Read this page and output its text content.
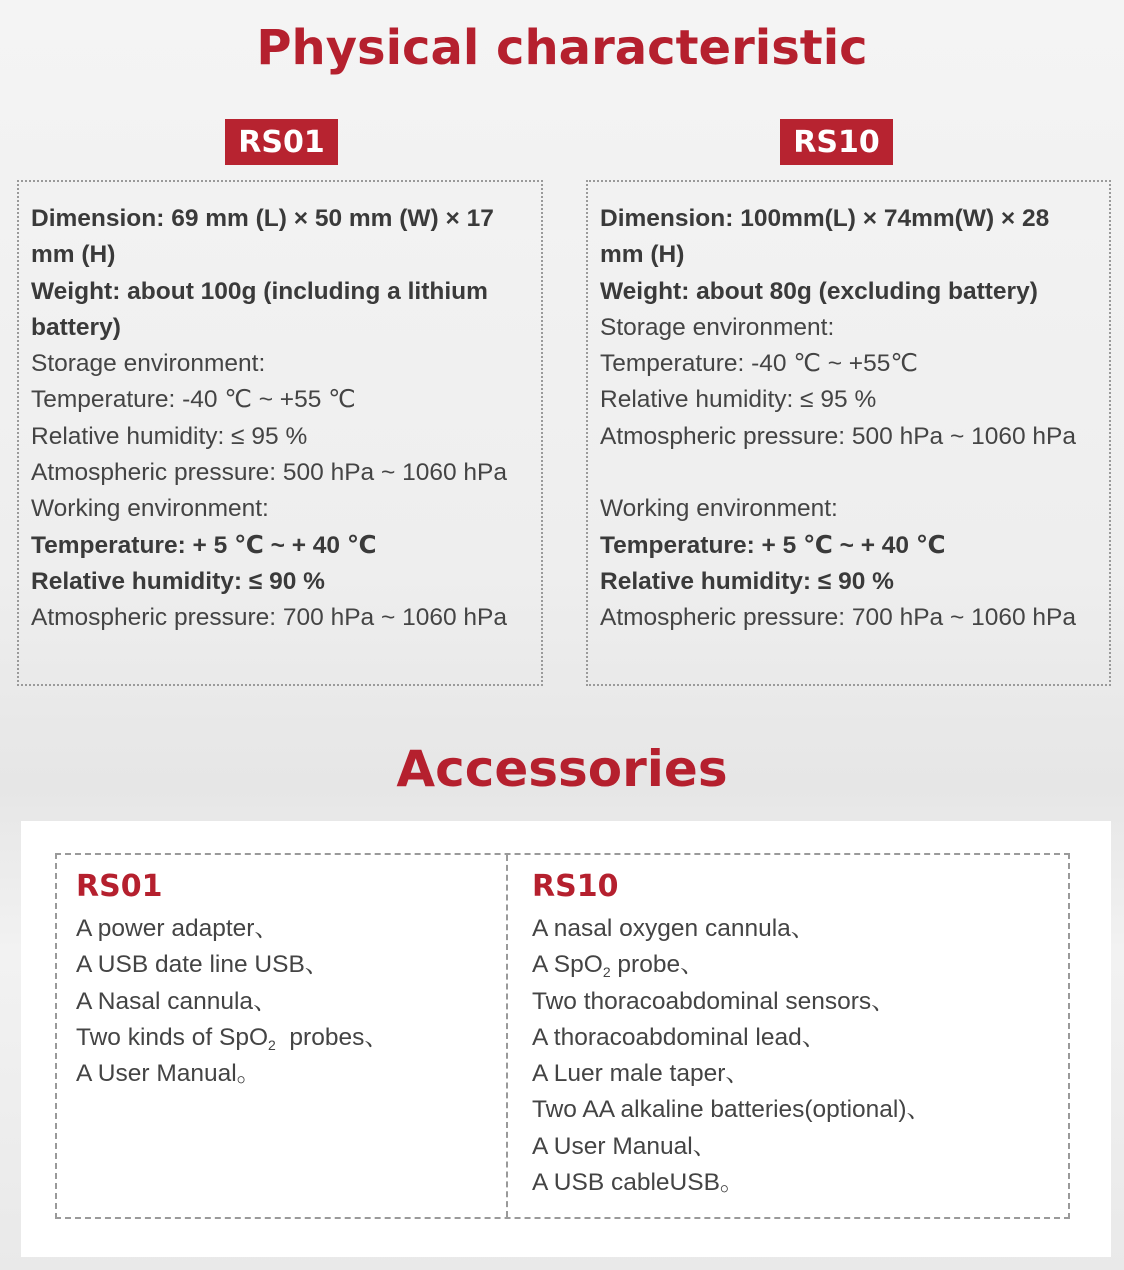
Physical characteristic
RS01	RS10
Dimension: 69 mm (L) × 50 mm (W) × 17
mm (H)
Weight: about 100g (including a lithium
battery)
Storage environment:
Temperature: -40 ℃ ~ +55 ℃
Relative humidity: ≤ 95 %
Atmospheric pressure: 500 hPa ~ 1060 hPa
Working environment:
Temperature: + 5 ℃ ~ + 40 ℃
Relative humidity: ≤ 90 %
Atmospheric pressure: 700 hPa ~ 1060 hPa
Dimension: 100mm(L) × 74mm(W) × 28
mm (H)
Weight: about 80g (excluding battery)
Storage environment:
Temperature: -40 ℃ ~ +55℃
Relative humidity: ≤ 95 %
Atmospheric pressure: 500 hPa ~ 1060 hPa
Working environment:
Temperature: + 5 ℃ ~ + 40 ℃
Relative humidity: ≤ 90 %
Atmospheric pressure: 700 hPa ~ 1060 hPa
Accessories
RS01
A power adapter、
A USB date line USB、
A Nasal cannula、
Two kinds of SpO$_2$  probes、
A User Manual。
RS10
A nasal oxygen cannula、
A SpO$_2$ probe、
Two thoracoabdominal sensors、
A thoracoabdominal lead、
A Luer male taper、
Two AA alkaline batteries(optional)、
A User Manual、
A USB cableUSB。
